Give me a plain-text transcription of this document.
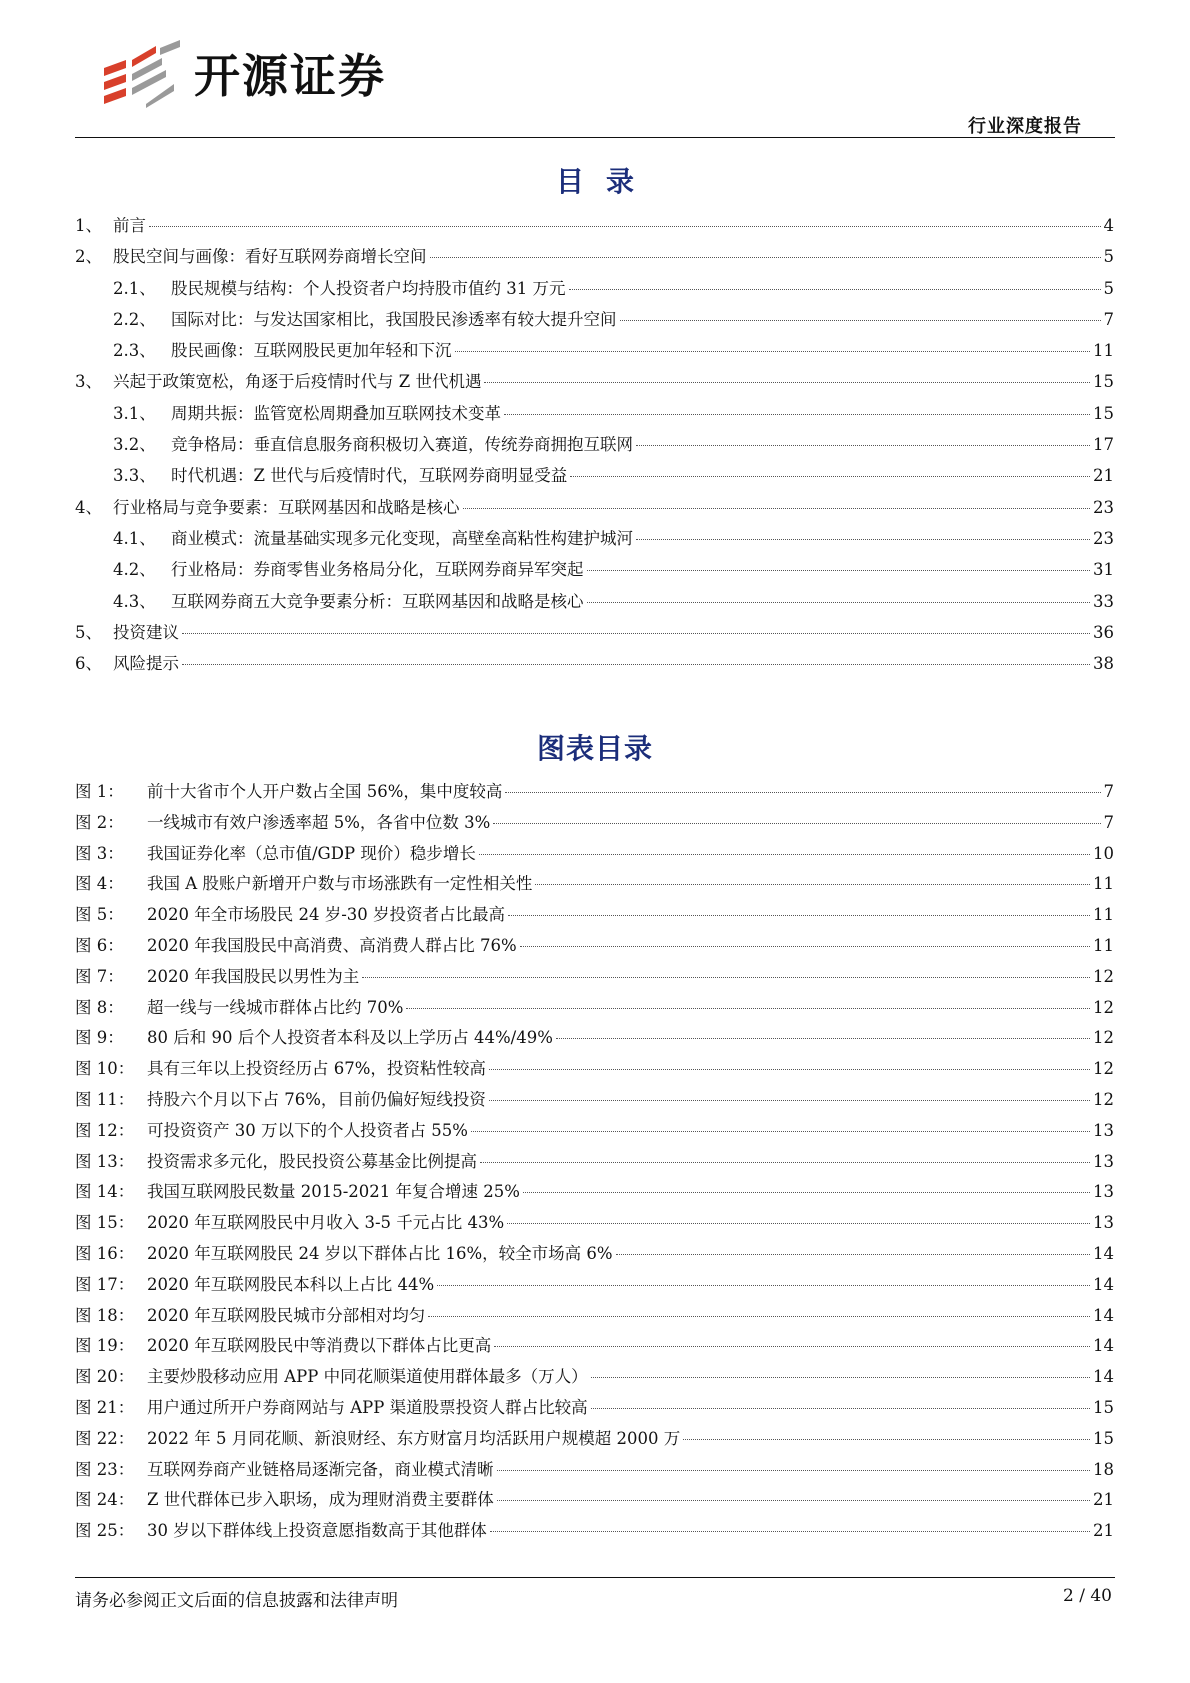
开源证券
行业深度报告
目录
1、 前言	4
2、 股民空间与画像：看好互联网券商增长空间	5
2.1、 股民规模与结构：个人投资者户均持股市值约 31 万元	5
2.2、 国际对比：与发达国家相比，我国股民渗透率有较大提升空间	7
2.3、 股民画像：互联网股民更加年轻和下沉	11
3、 兴起于政策宽松，角逐于后疫情时代与 Z 世代机遇	15
3.1、 周期共振：监管宽松周期叠加互联网技术变革	15
3.2、 竞争格局：垂直信息服务商积极切入赛道，传统券商拥抱互联网	17
3.3、 时代机遇：Z 世代与后疫情时代，互联网券商明显受益	21
4、 行业格局与竞争要素：互联网基因和战略是核心	23
4.1、 商业模式：流量基础实现多元化变现，高壁垒高粘性构建护城河	23
4.2、 行业格局：券商零售业务格局分化，互联网券商异军突起	31
4.3、 互联网券商五大竞争要素分析：互联网基因和战略是核心	33
5、 投资建议	36
6、 风险提示	38
图表目录
图 1：	前十大省市个人开户数占全国 56%，集中度较高	7
图 2：	一线城市有效户渗透率超 5%，各省中位数 3%	7
图 3：	我国证券化率（总市值/GDP 现价）稳步增长	10
图 4：	我国 A 股账户新增开户数与市场涨跌有一定性相关性	11
图 5：	2020 年全市场股民 24 岁-30 岁投资者占比最高	11
图 6：	2020 年我国股民中高消费、高消费人群占比 76%	11
图 7：	2020 年我国股民以男性为主	12
图 8：	超一线与一线城市群体占比约 70%	12
图 9：	80 后和 90 后个人投资者本科及以上学历占 44%/49%	12
图 10： 具有三年以上投资经历占 67%，投资粘性较高	12
图 11： 持股六个月以下占 76%，目前仍偏好短线投资	12
图 12： 可投资资产 30 万以下的个人投资者占 55%	13
图 13： 投资需求多元化，股民投资公募基金比例提高	13
图 14： 我国互联网股民数量 2015-2021 年复合增速 25%	13
图 15： 2020 年互联网股民中月收入 3-5 千元占比 43%	13
图 16： 2020 年互联网股民 24 岁以下群体占比 16%，较全市场高 6%	14
图 17： 2020 年互联网股民本科以上占比 44%	14
图 18： 2020 年互联网股民城市分部相对均匀	14
图 19： 2020 年互联网股民中等消费以下群体占比更高	14
图 20： 主要炒股移动应用 APP 中同花顺渠道使用群体最多（万人）	14
图 21： 用户通过所开户券商网站与 APP 渠道股票投资人群占比较高	15
图 22： 2022 年 5 月同花顺、新浪财经、东方财富月均活跃用户规模超 2000 万	15
图 23： 互联网券商产业链格局逐渐完备，商业模式清晰	18
图 24： Z 世代群体已步入职场，成为理财消费主要群体	21
图 25： 30 岁以下群体线上投资意愿指数高于其他群体	21
请务必参阅正文后面的信息披露和法律声明	2 / 40
